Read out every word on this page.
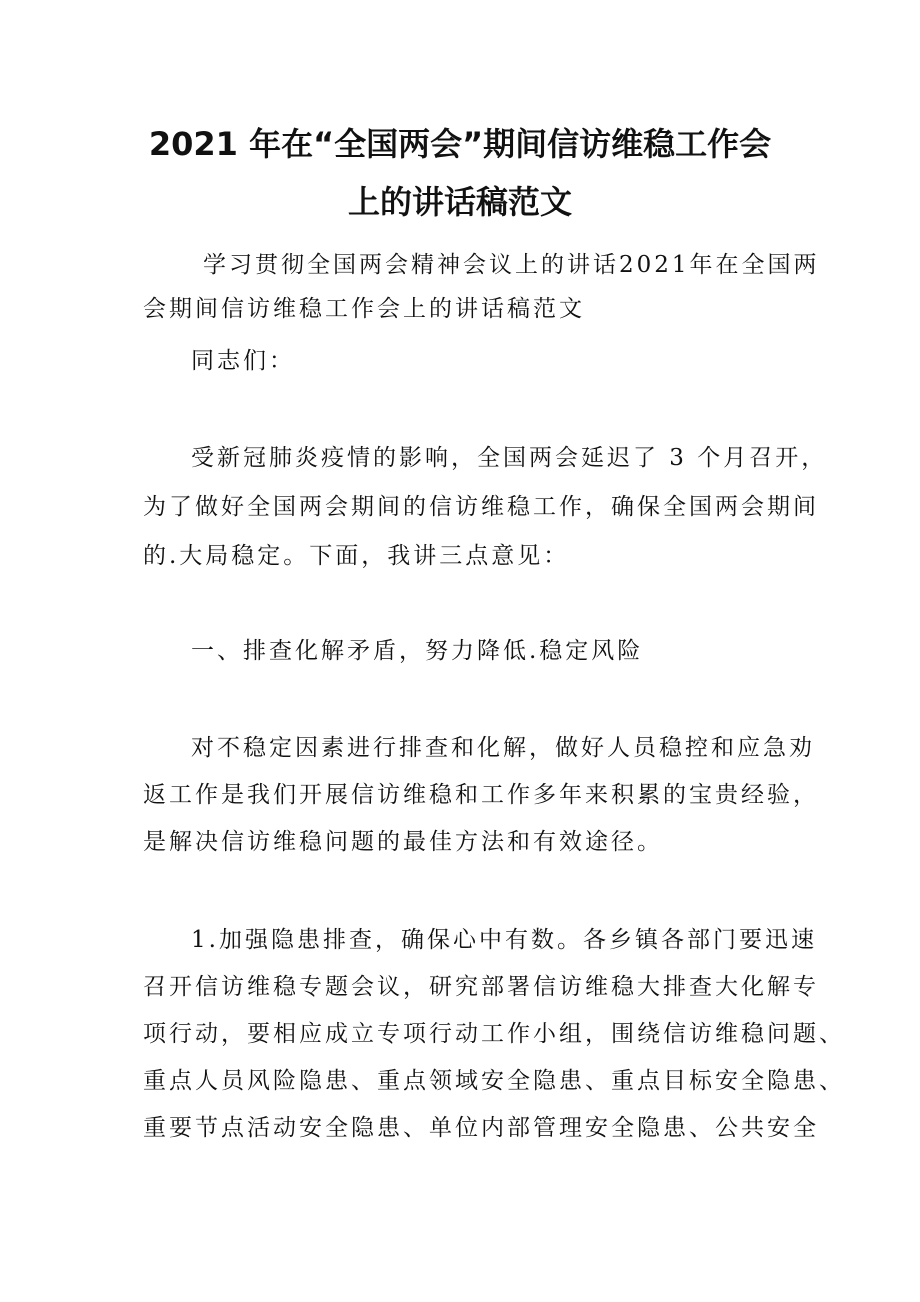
2021 年在“全国两会”期间信访维稳工作会
上的讲话稿范文
学习贯彻全国两会精神会议上的讲话2021年在全国两
会期间信访维稳工作会上的讲话稿范文
同志们：
受新冠肺炎疫情的影响，全国两会延迟了 3 个月召开，
为了做好全国两会期间的信访维稳工作，确保全国两会期间
的.大局稳定。下面，我讲三点意见：
一、排查化解矛盾，努力降低.稳定风险
对不稳定因素进行排查和化解，做好人员稳控和应急劝
返工作是我们开展信访维稳和工作多年来积累的宝贵经验，
是解决信访维稳问题的最佳方法和有效途径。
1.加强隐患排查，确保心中有数。各乡镇各部门要迅速
召开信访维稳专题会议，研究部署信访维稳大排查大化解专
项行动，要相应成立专项行动工作小组，围绕信访维稳问题、
重点人员风险隐患、重点领域安全隐患、重点目标安全隐患、
重要节点活动安全隐患、单位内部管理安全隐患、公共安全
